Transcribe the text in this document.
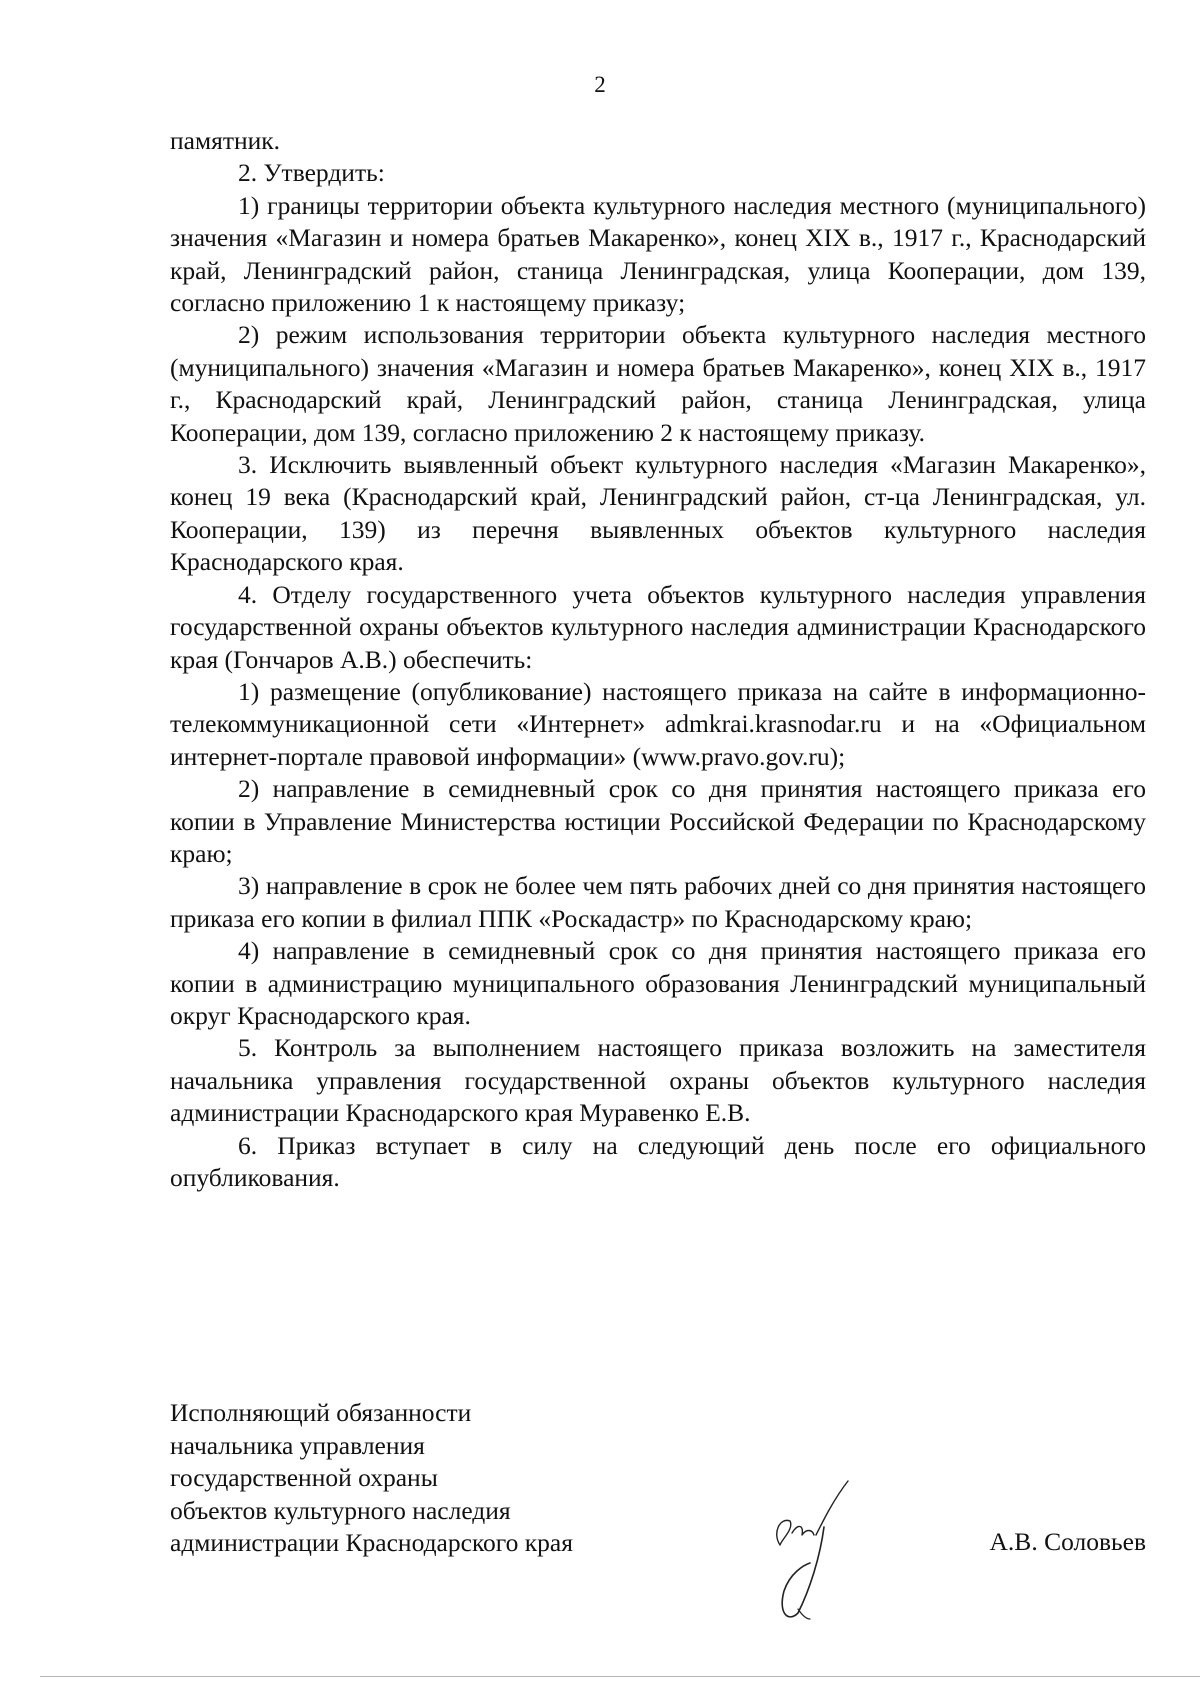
2

памятник.

2. Утвердить:

1) границы территории объекта культурного наследия местного (муниципального) значения «Магазин и номера братьев Макаренко», конец XIX в., 1917 г., Краснодарский край, Ленинградский район, станица Ленинградская, улица Кооперации, дом 139, согласно приложению 1 к настоящему приказу;

2) режим использования территории объекта культурного наследия местного (муниципального) значения «Магазин и номера братьев Макаренко», конец XIX в., 1917 г., Краснодарский край, Ленинградский район, станица Ленинградская, улица Кооперации, дом 139, согласно приложению 2 к настоящему приказу.

3. Исключить выявленный объект культурного наследия «Магазин Макаренко», конец 19 века (Краснодарский край, Ленинградский район, ст-ца Ленинградская, ул. Кооперации, 139) из перечня выявленных объектов культурного наследия Краснодарского края.

4. Отделу государственного учета объектов культурного наследия управления государственной охраны объектов культурного наследия администрации Краснодарского края (Гончаров А.В.) обеспечить:

1) размещение (опубликование) настоящего приказа на сайте в информационно-телекоммуникационной сети «Интернет» admkrai.krasnodar.ru и на «Официальном интернет-портале правовой информации» (www.pravo.gov.ru);

2) направление в семидневный срок со дня принятия настоящего приказа его копии в Управление Министерства юстиции Российской Федерации по Краснодарскому краю;

3) направление в срок не более чем пять рабочих дней со дня принятия настоящего приказа его копии в филиал ППК «Роскадастр» по Краснодарскому краю;

4) направление в семидневный срок со дня принятия настоящего приказа его копии в администрацию муниципального образования Ленинградский муниципальный округ Краснодарского края.

5. Контроль за выполнением настоящего приказа возложить на заместителя начальника управления государственной охраны объектов культурного наследия администрации Краснодарского края Муравенко Е.В.

6. Приказ вступает в силу на следующий день после его официального опубликования.

Исполняющий обязанности
начальника управления
государственной охраны
объектов культурного наследия
администрации Краснодарского края	А.В. Соловьев
